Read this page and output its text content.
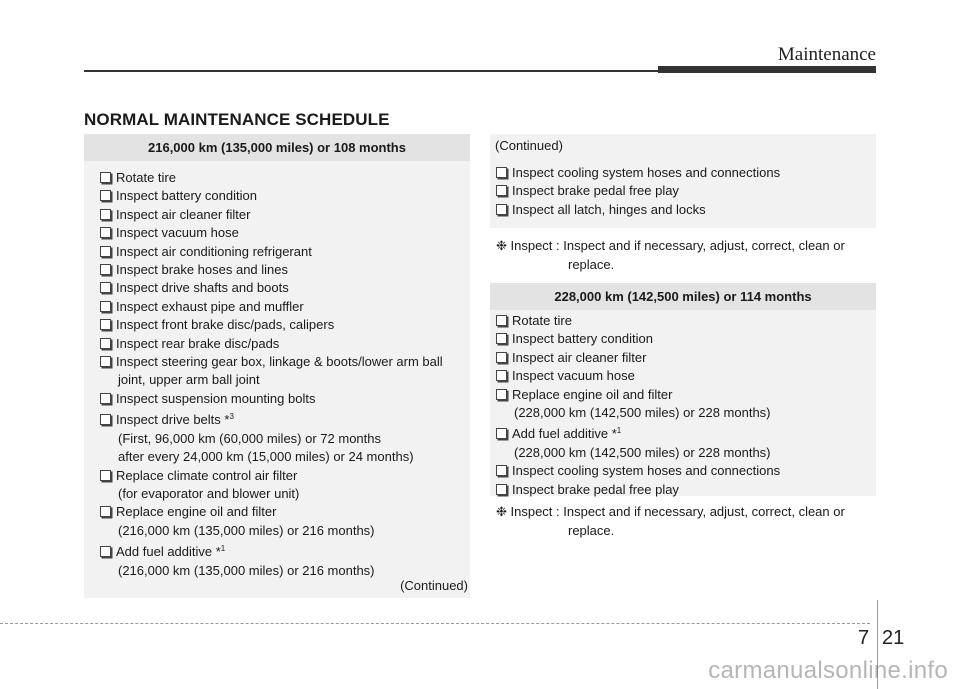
Maintenance
NORMAL MAINTENANCE SCHEDULE
216,000 km (135,000 miles) or 108 months
Rotate tire
Inspect battery condition
Inspect air cleaner filter
Inspect vacuum hose
Inspect air conditioning refrigerant
Inspect brake hoses and lines
Inspect drive shafts and boots
Inspect exhaust pipe and muffler
Inspect front brake disc/pads, calipers
Inspect rear brake disc/pads
Inspect steering gear box, linkage & boots/lower arm ball
joint, upper arm ball joint
Inspect suspension mounting bolts
Inspect drive belts *$^3$
(First, 96,000 km (60,000 miles) or 72 months
after every 24,000 km (15,000 miles) or 24 months)
Replace climate control air filter
(for evaporator and blower unit)
Replace engine oil and filter
(216,000 km (135,000 miles) or 216 months)
Add fuel additive *$^1$
(216,000 km (135,000 miles) or 216 months)
(Continued)
(Continued)
Inspect cooling system hoses and connections
Inspect brake pedal free play
Inspect all latch, hinges and locks
❉ Inspect : Inspect and if necessary, adjust, correct, clean or
replace.
228,000 km (142,500 miles) or 114 months
Rotate tire
Inspect battery condition
Inspect air cleaner filter
Inspect vacuum hose
Replace engine oil and filter
(228,000 km (142,500 miles) or 228 months)
Add fuel additive *$^1$
(228,000 km (142,500 miles) or 228 months)
Inspect cooling system hoses and connections
Inspect brake pedal free play
❉ Inspect : Inspect and if necessary, adjust, correct, clean or
replace.
7 21
carmanualsonline.info
